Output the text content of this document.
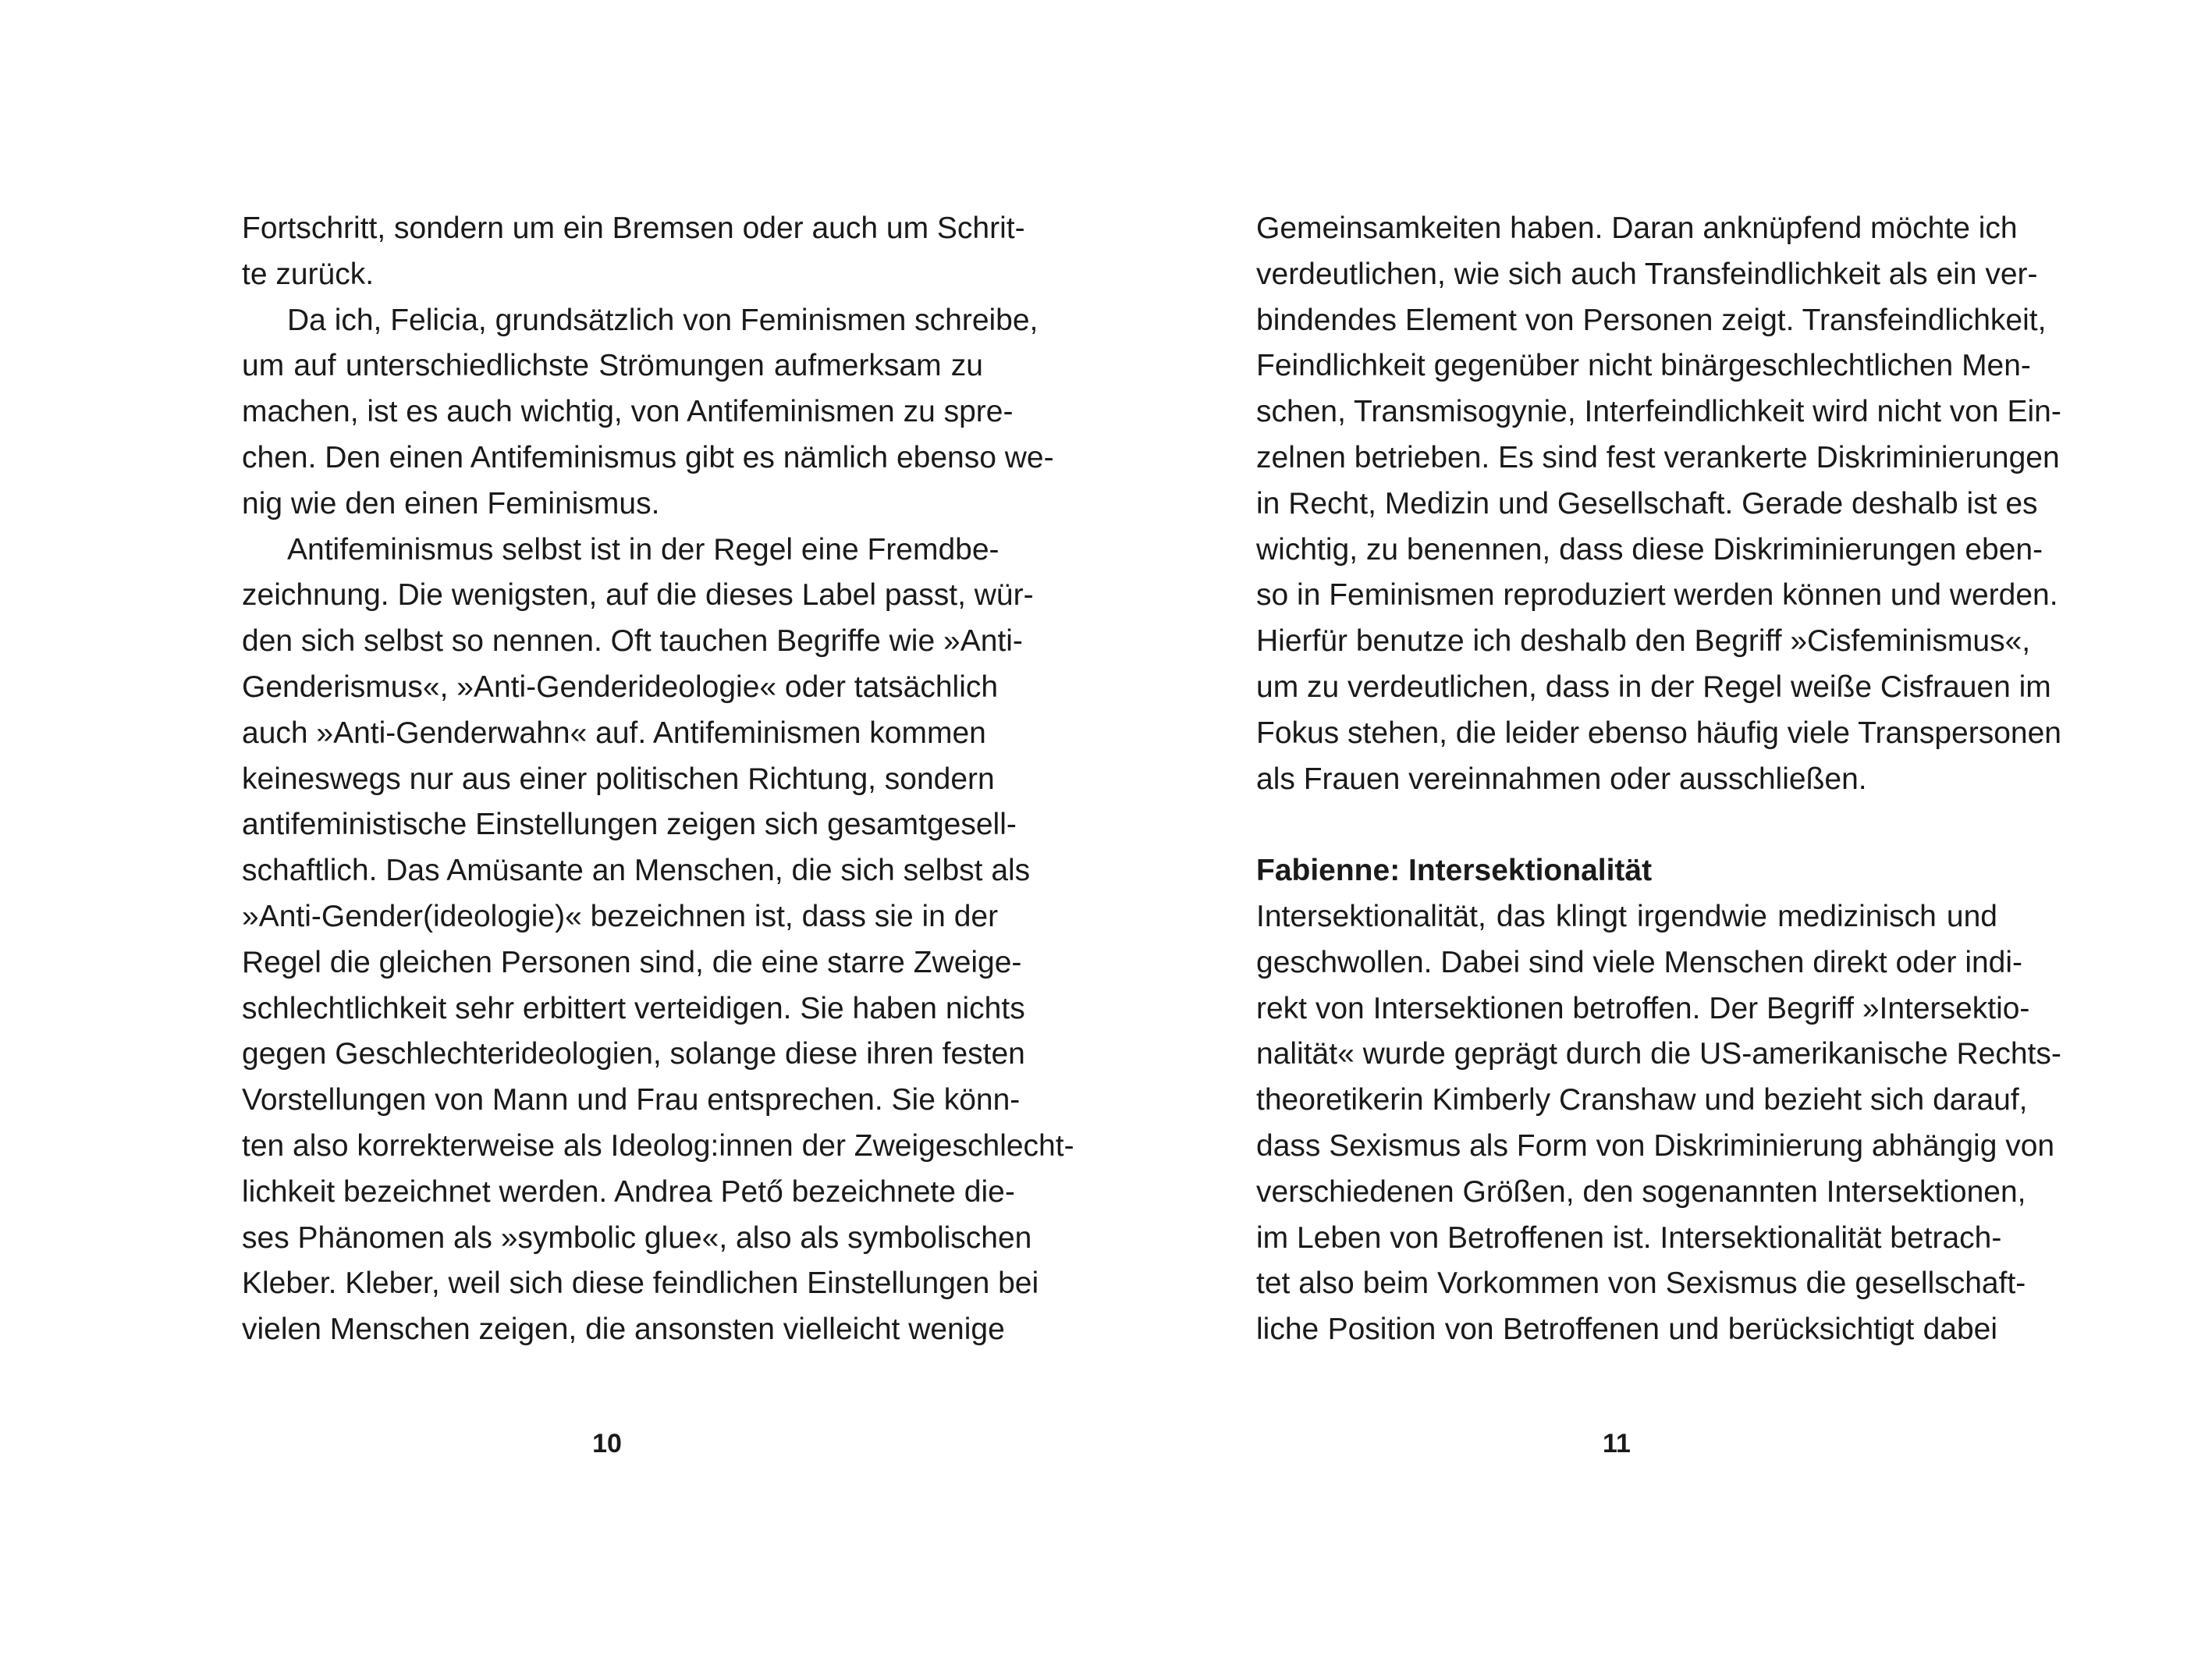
Fortschritt, sondern um ein Bremsen oder auch um Schrit-
te zurück.
Da ich, Felicia, grundsätzlich von Feminismen schreibe,
um auf unterschiedlichste Strömungen aufmerksam zu
machen, ist es auch wichtig, von Antifeminismen zu spre-
chen. Den einen Antifeminismus gibt es nämlich ebenso we-
nig wie den einen Feminismus.
Antifeminismus selbst ist in der Regel eine Fremdbe-
zeichnung. Die wenigsten, auf die dieses Label passt, wür-
den sich selbst so nennen. Oft tauchen Begriffe wie »Anti-
Genderismus«, »Anti-Genderideologie« oder tatsächlich
auch »Anti-Genderwahn« auf. Antifeminismen kommen
keineswegs nur aus einer politischen Richtung, sondern
antifeministische Einstellungen zeigen sich gesamtgesell-
schaftlich. Das Amüsante an Menschen, die sich selbst als
»Anti-Gender(ideologie)« bezeichnen ist, dass sie in der
Regel die gleichen Personen sind, die eine starre Zweige-
schlechtlichkeit sehr erbittert verteidigen. Sie haben nichts
gegen Geschlechterideologien, solange diese ihren festen
Vorstellungen von Mann und Frau entsprechen. Sie könn-
ten also korrekterweise als Ideolog:innen der Zweigeschlecht-
lichkeit bezeichnet werden. Andrea Pető bezeichnete die-
ses Phänomen als »symbolic glue«, also als symbolischen
Kleber. Kleber, weil sich diese feindlichen Einstellungen bei
vielen Menschen zeigen, die ansonsten vielleicht wenige
10
Gemeinsamkeiten haben. Daran anknüpfend möchte ich
verdeutlichen, wie sich auch Transfeindlichkeit als ein ver-
bindendes Element von Personen zeigt. Transfeindlichkeit,
Feindlichkeit gegenüber nicht binärgeschlechtlichen Men-
schen, Transmisogynie, Interfeindlichkeit wird nicht von Ein-
zelnen betrieben. Es sind fest verankerte Diskriminierungen
in Recht, Medizin und Gesellschaft. Gerade deshalb ist es
wichtig, zu benennen, dass diese Diskriminierungen eben-
so in Feminismen reproduziert werden können und werden.
Hierfür benutze ich deshalb den Begriff »Cisfeminismus«,
um zu verdeutlichen, dass in der Regel weiße Cisfrauen im
Fokus stehen, die leider ebenso häufig viele Transpersonen
als Frauen vereinnahmen oder ausschließen.
Fabienne: Intersektionalität
Intersektionalität, das klingt irgendwie medizinisch und
geschwollen. Dabei sind viele Menschen direkt oder indi-
rekt von Intersektionen betroffen. Der Begriff »Intersektio-
nalität« wurde geprägt durch die US-amerikanische Rechts-
theoretikerin Kimberly Cranshaw und bezieht sich darauf,
dass Sexismus als Form von Diskriminierung abhängig von
verschiedenen Größen, den sogenannten Intersektionen,
im Leben von Betroffenen ist. Intersektionalität betrach-
tet also beim Vorkommen von Sexismus die gesellschaft-
liche Position von Betroffenen und berücksichtigt dabei
11
